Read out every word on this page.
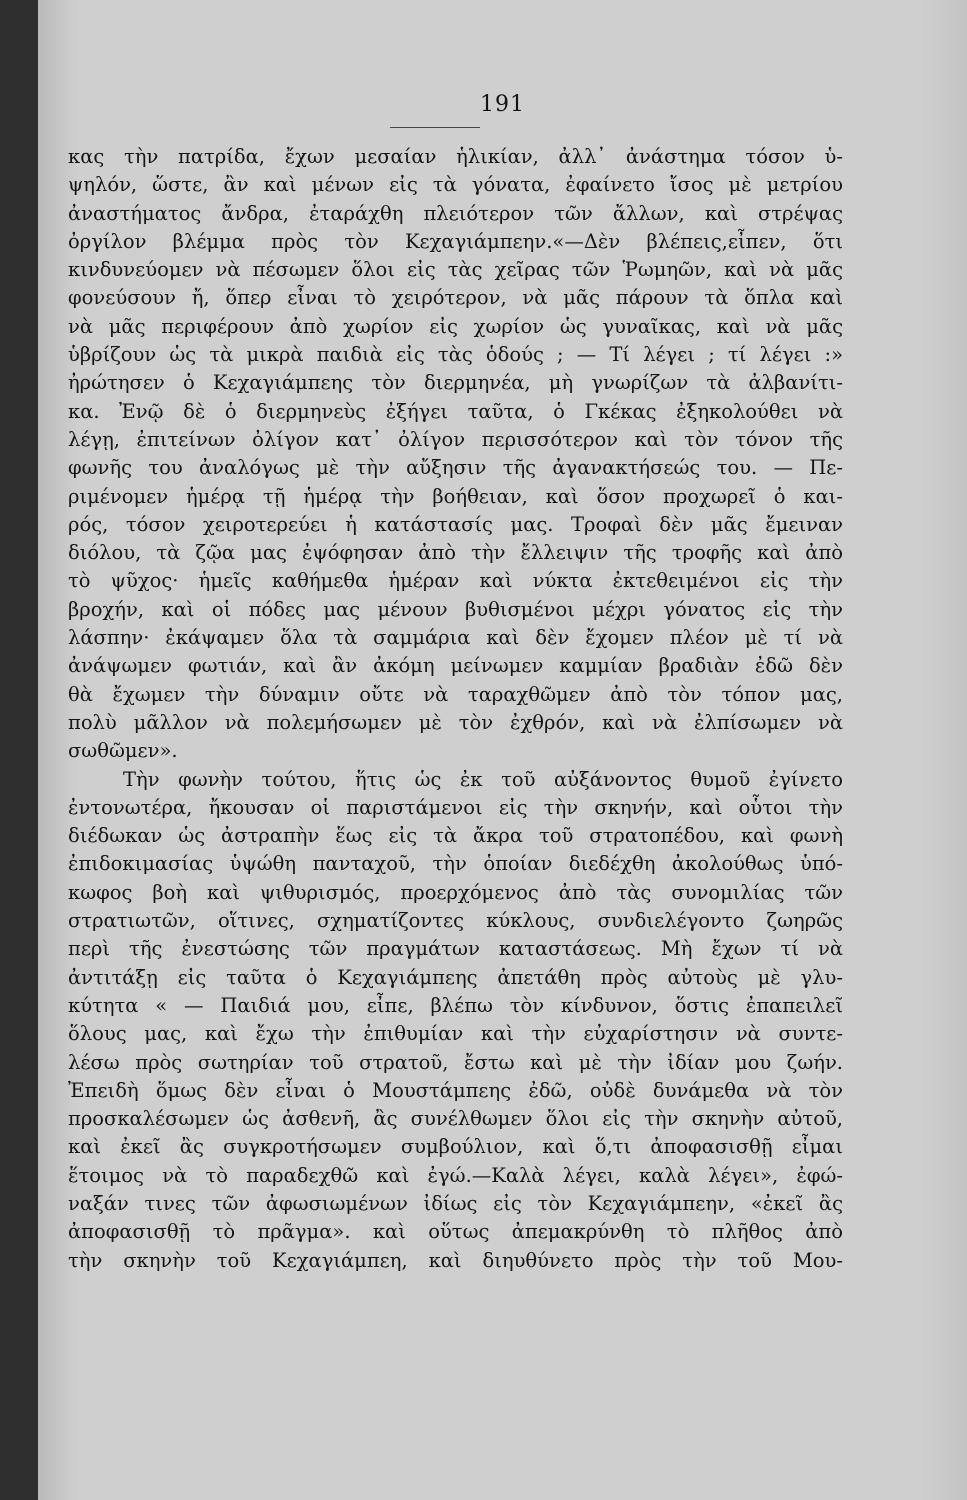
191
κας τὴν πατρίδα, ἔχων μεσαίαν ἡλικίαν, ἀλλ᾽ ἀνάστημα τόσον ὑ-
ψηλόν, ὥστε, ἂν καὶ μένων εἰς τὰ γόνατα, ἐφαίνετο ἴσος μὲ μετρίου
ἀναστήματος ἄνδρα, ἐταράχθη πλειότερον τῶν ἄλλων, καὶ στρέψας
ὀργίλον βλέμμα πρὸς τὸν Κεχαγιάμπεην.«—Δὲν βλέπεις,εἶπεν, ὅτι
κινδυνεύομεν νὰ πέσωμεν ὅλοι εἰς τὰς χεῖρας τῶν Ῥωμηῶν, καὶ νὰ μᾶς
φονεύσουν ἤ, ὅπερ εἶναι τὸ χειρότερον, νὰ μᾶς πάρουν τὰ ὅπλα καὶ
νὰ μᾶς περιφέρουν ἀπὸ χωρίον εἰς χωρίον ὡς γυναῖκας, καὶ νὰ μᾶς
ὑβρίζουν ὡς τὰ μικρὰ παιδιὰ εἰς τὰς ὁδούς ; — Τί λέγει ; τί λέγει :»
ἠρώτησεν ὁ Κεχαγιάμπεης τὸν διερμηνέα, μὴ γνωρίζων τὰ ἀλβανίτι-
κα. Ἐνῷ δὲ ὁ διερμηνεὺς ἐξήγει ταῦτα, ὁ Γκέκας ἐξηκολούθει νὰ
λέγῃ, ἐπιτείνων ὀλίγον κατ᾽ ὀλίγον περισσότερον καὶ τὸν τόνον τῆς
φωνῆς του ἀναλόγως μὲ τὴν αὔξησιν τῆς ἀγανακτήσεώς του. — Πε-
ριμένομεν ἡμέρᾳ τῇ ἡμέρᾳ τὴν βοήθειαν, καὶ ὅσον προχωρεῖ ὁ και-
ρός, τόσον χειροτερεύει ἡ κατάστασίς μας. Τροφαὶ δὲν μᾶς ἔμειναν
διόλου, τὰ ζῷα μας ἐψόφησαν ἀπὸ τὴν ἔλλειψιν τῆς τροφῆς καὶ ἀπὸ
τὸ ψῦχος· ἡμεῖς καθήμεθα ἡμέραν καὶ νύκτα ἐκτεθειμένοι εἰς τὴν
βροχήν, καὶ οἱ πόδες μας μένουν βυθισμένοι μέχρι γόνατος εἰς τὴν
λάσπην· ἐκάψαμεν ὅλα τὰ σαμμάρια καὶ δὲν ἔχομεν πλέον μὲ τί νὰ
ἀνάψωμεν φωτιάν, καὶ ἂν ἀκόμη μείνωμεν καμμίαν βραδιὰν ἐδῶ δὲν
θὰ ἔχωμεν τὴν δύναμιν οὔτε νὰ ταραχθῶμεν ἀπὸ τὸν τόπον μας,
πολὺ μᾶλλον νὰ πολεμήσωμεν μὲ τὸν ἐχθρόν, καὶ νὰ ἐλπίσωμεν νὰ
σωθῶμεν».
Τὴν φωνὴν τούτου, ἥτις ὡς ἐκ τοῦ αὐξάνοντος θυμοῦ ἐγίνετο
ἐντονωτέρα, ἤκουσαν οἱ παριστάμενοι εἰς τὴν σκηνήν, καὶ οὗτοι τὴν
διέδωκαν ὡς ἀστραπὴν ἕως εἰς τὰ ἄκρα τοῦ στρατοπέδου, καὶ φωνὴ
ἐπιδοκιμασίας ὑψώθη πανταχοῦ, τὴν ὁποίαν διεδέχθη ἀκολούθως ὑπό-
κωφος βοὴ καὶ ψιθυρισμός, προερχόμενος ἀπὸ τὰς συνομιλίας τῶν
στρατιωτῶν, οἵτινες, σχηματίζοντες κύκλους, συνδιελέγοντο ζωηρῶς
περὶ τῆς ἐνεστώσης τῶν πραγμάτων καταστάσεως. Μὴ ἔχων τί νὰ
ἀντιτάξῃ εἰς ταῦτα ὁ Κεχαγιάμπεης ἀπετάθη πρὸς αὐτοὺς μὲ γλυ-
κύτητα « — Παιδιά μου, εἶπε, βλέπω τὸν κίνδυνον, ὅστις ἐπαπειλεῖ
ὅλους μας, καὶ ἔχω τὴν ἐπιθυμίαν καὶ τὴν εὐχαρίστησιν νὰ συντε-
λέσω πρὸς σωτηρίαν τοῦ στρατοῦ, ἔστω καὶ μὲ τὴν ἰδίαν μου ζωήν.
Ἐπειδὴ ὅμως δὲν εἶναι ὁ Μουστάμπεης ἐδῶ, οὐδὲ δυνάμεθα νὰ τὸν
προσκαλέσωμεν ὡς ἀσθενῆ, ἂς συνέλθωμεν ὅλοι εἰς τὴν σκηνὴν αὐτοῦ,
καὶ ἐκεῖ ἂς συγκροτήσωμεν συμβούλιον, καὶ ὅ,τι ἀποφασισθῇ εἶμαι
ἕτοιμος νὰ τὸ παραδεχθῶ καὶ ἐγώ.—Καλὰ λέγει, καλὰ λέγει», ἐφώ-
ναξάν τινες τῶν ἀφωσιωμένων ἰδίως εἰς τὸν Κεχαγιάμπεην, «ἐκεῖ ἂς
ἀποφασισθῇ τὸ πρᾶγμα». καὶ οὕτως ἀπεμακρύνθη τὸ πλῆθος ἀπὸ
τὴν σκηνὴν τοῦ Κεχαγιάμπεη, καὶ διηυθύνετο πρὸς τὴν τοῦ Μου-
